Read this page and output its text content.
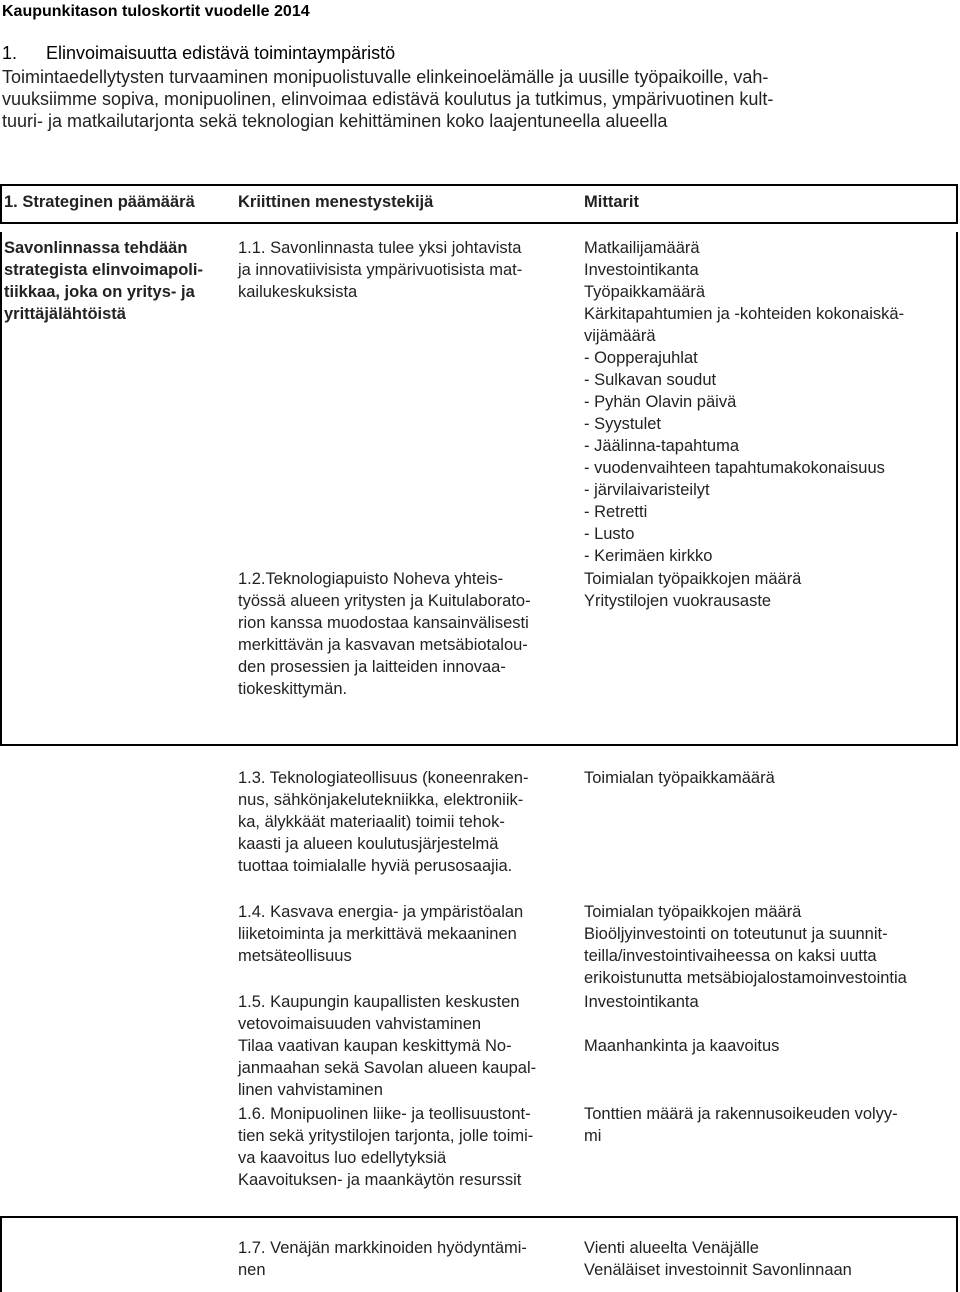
Kaupunkitason tuloskortit vuodelle 2014
1. Elinvoimaisuutta edistävä toimintaympäristö
Toimintaedellytysten turvaaminen monipuolistuvalle elinkeinoelämälle ja uusille työpaikoille, vah-
vuuksiimme sopiva, monipuolinen, elinvoimaa edistävä koulutus ja tutkimus, ympärivuotinen kult-
tuuri- ja matkailutarjonta sekä teknologian kehittäminen koko laajentuneella alueella
1. Strateginen päämäärä	Kriittinen menestystekijä	Mittarit
Savonlinnassa tehdään
strategista elinvoimapoli-
tiikkaa, joka on yritys- ja
yrittäjälähtöistä
1.1. Savonlinnasta tulee yksi johtavista
ja innovatiivisista ympärivuotisista mat-
kailukeskuksista
Matkailijamäärä
Investointikanta
Työpaikkamäärä
Kärkitapahtumien ja -kohteiden kokonaiskä-
vijämäärä
- Oopperajuhlat
- Sulkavan soudut
- Pyhän Olavin päivä
- Syystulet
- Jäälinna-tapahtuma
- vuodenvaihteen tapahtumakokonaisuus
- järvilaivaristeilyt
- Retretti
- Lusto
- Kerimäen kirkko
1.2.Teknologiapuisto Noheva yhteis-
työssä alueen yritysten ja Kuitulaborato-
rion kanssa muodostaa kansainvälisesti
merkittävän ja kasvavan metsäbiotalou-
den prosessien ja laitteiden innovaa-
tiokeskittymän.
Toimialan työpaikkojen määrä
Yritystilojen vuokrausaste
1.3. Teknologiateollisuus (koneenraken-
nus, sähkönjakelutekniikka, elektroniik-
ka, älykkäät materiaalit) toimii tehok-
kaasti ja alueen koulutusjärjestelmä
tuottaa toimialalle hyviä perusosaajia.
Toimialan työpaikkamäärä
1.4. Kasvava energia- ja ympäristöalan
liiketoiminta ja merkittävä mekaaninen
metsäteollisuus
Toimialan työpaikkojen määrä
Bioöljyinvestointi on toteutunut ja suunnit-
teilla/investointivaiheessa on kaksi uutta
erikoistunutta metsäbiojalostamoinvestointia
1.5. Kaupungin kaupallisten keskusten
vetovoimaisuuden vahvistaminen
Tilaa vaativan kaupan keskittymä No-
janmaahan sekä Savolan alueen kaupal-
linen vahvistaminen
Investointikanta
Maanhankinta ja kaavoitus
1.6. Monipuolinen liike- ja teollisuustont-
tien sekä yritystilojen tarjonta, jolle toimi-
va kaavoitus luo edellytyksiä
Kaavoituksen- ja maankäytön resurssit
Tonttien määrä ja rakennusoikeuden volyy-
mi
1.7. Venäjän markkinoiden hyödyntämi-
nen
Vienti alueelta Venäjälle
Venäläiset investoinnit Savonlinnaan
